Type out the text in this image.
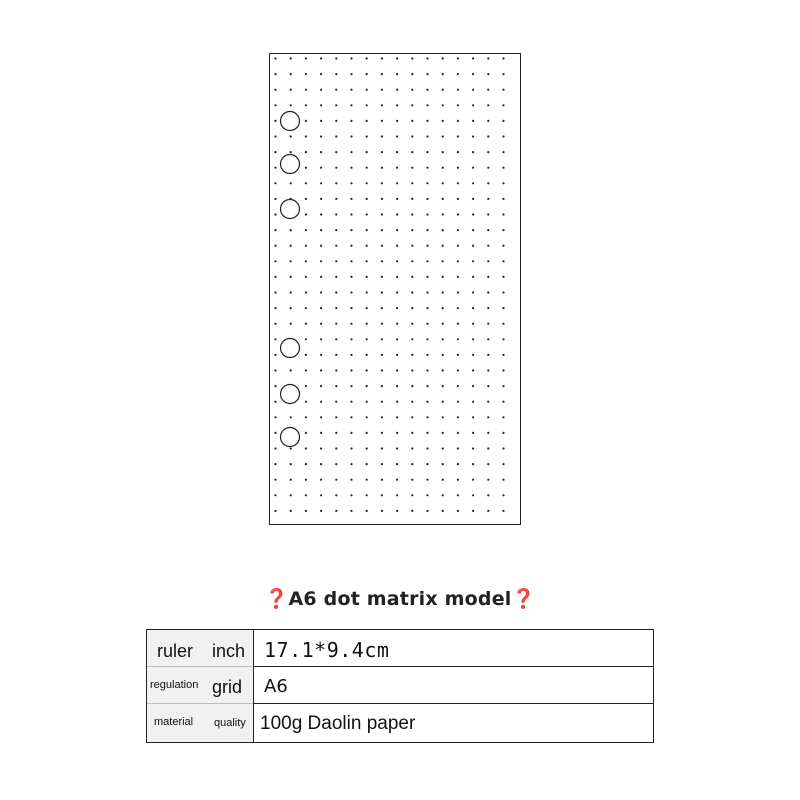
❓A6 dot matrix model❓
ruler inch 17.1*9.4cm
regulation grid A6
material quality 100g Daolin paper
